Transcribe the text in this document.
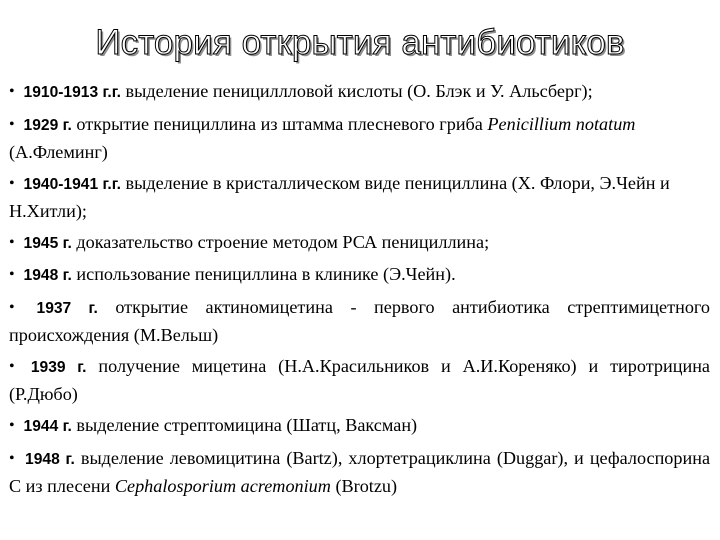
История открытия антибиотиков
• 1910-1913 г.г. выделение пенициллловой кислоты (О. Блэк и У. Альсберг);
• 1929 г. открытие пенициллина из штамма плесневого гриба Penicillium notatum (А.Флеминг)
• 1940-1941 г.г. выделение в кристаллическом виде пенициллина (Х. Флори, Э.Чейн и Н.Хитли);
• 1945 г. доказательство строение методом РСА пенициллина;
• 1948 г. использование пенициллина в клинике (Э.Чейн).
• 1937 г. открытие актиномицетина - первого антибиотика стрептимицетного происхождения (М.Вельш)
• 1939 г. получение мицетина (Н.А.Красильников и А.И.Кореняко) и тиротрицина (Р.Дюбо)
• 1944 г. выделение стрептомицина (Шатц, Ваксман)
• 1948 г. выделение левомицитина (Bartz), хлортетрациклина (Duggar), и цефалоспорина С из плесени Cephalosporium acremonium (Brotzu)
